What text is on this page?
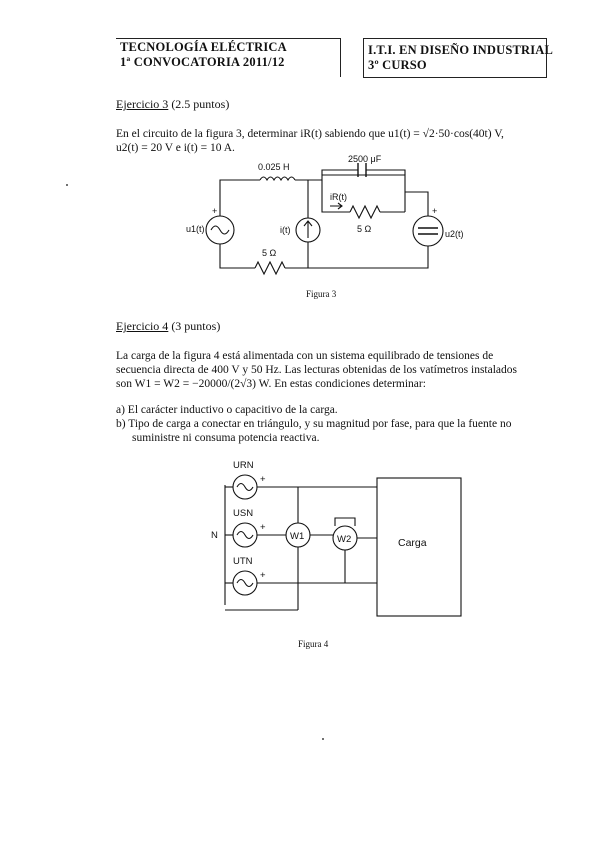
TECNOLOGÍA ELÉCTRICA
1ª CONVOCATORIA 2011/12
I.T.I. EN DISEÑO INDUSTRIAL
3º CURSO
Ejercicio 3 (2.5 puntos)
En el circuito de la figura 3, determinar iR(t) sabiendo que u1(t) = √2·50·cos(40t) V,
u2(t) = 20 V e i(t) = 10 A.
2500 μF
0.025 H
iR(t)
5 Ω
5 Ω
i(t)
u1(t)	u2(t)
+	+
Figura 3
Ejercicio 4 (3 puntos)
La carga de la figura 4 está alimentada con un sistema equilibrado de tensiones de
secuencia directa de 400 V y 50 Hz. Las lecturas obtenidas de los vatímetros instalados
son W1 = W2 = −20000/(2√3) W. En estas condiciones determinar:
a) El carácter inductivo o capacitivo de la carga.
b) Tipo de carga a conectar en triángulo, y su magnitud por fase, para que la fuente no
suministre ni consuma potencia reactiva.
URN
USN
UTN
N	W1	W2	Carga
+
+
+
Figura 4
